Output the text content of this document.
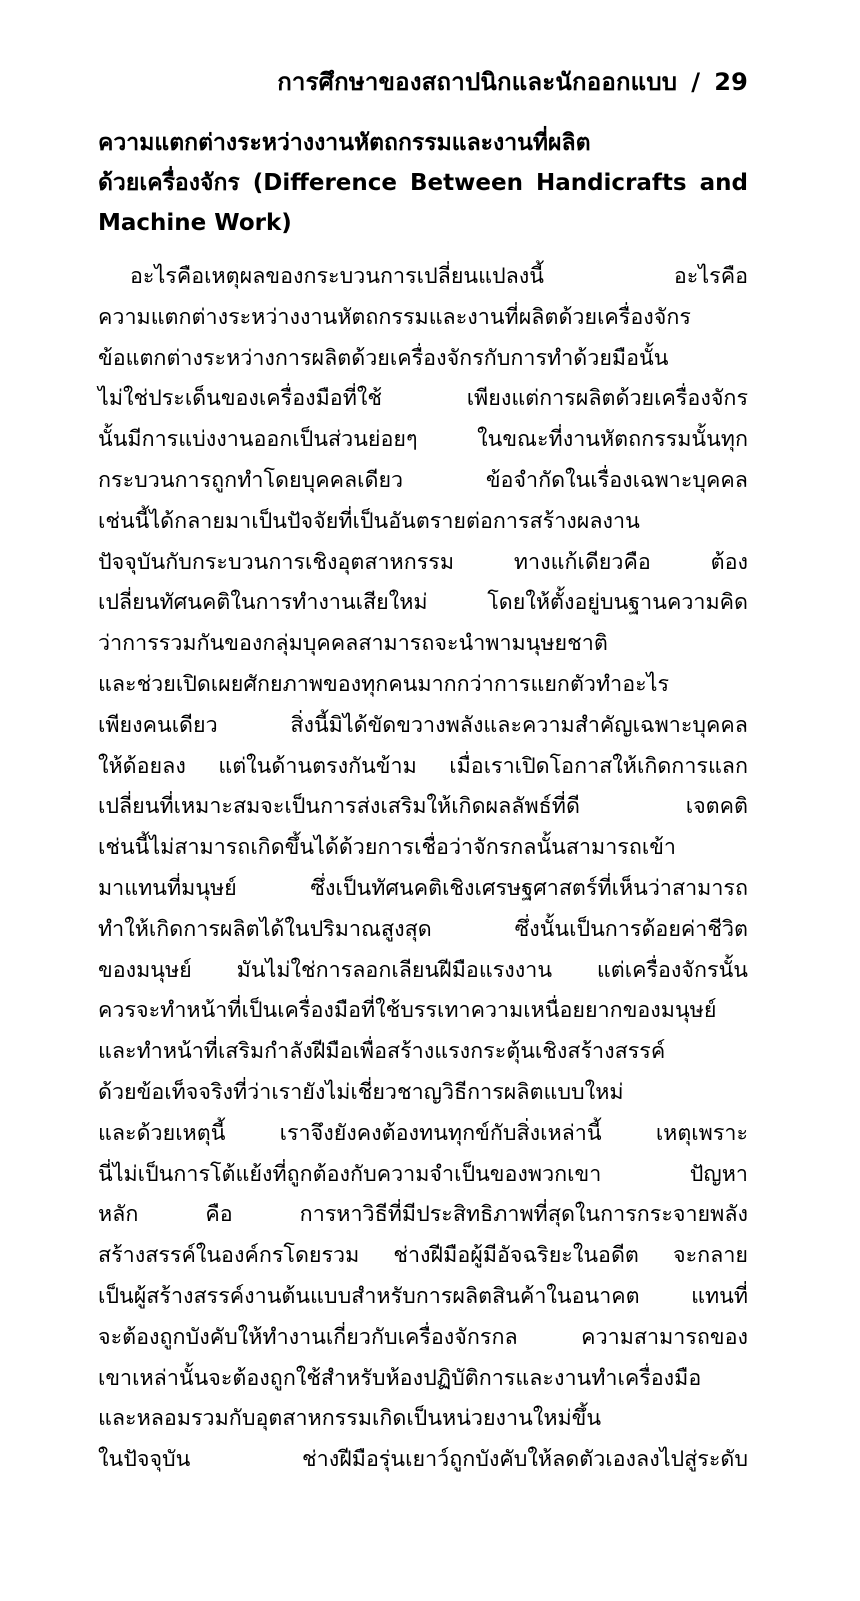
การศึกษาของสถาปนิกและนักออกแบบ / 29
ความแตกต่างระหว่างงานหัตถกรรมและงานที่ผลิต
ด้วยเครื่องจักร (Difference Between Handicrafts and
Machine Work)
อะไรคือเหตุผลของกระบวนการเปลี่ยนแปลงนี้ อะไรคือ
ความแตกต่างระหว่างงานหัตถกรรมและงานที่ผลิตด้วยเครื่องจักร
ข้อแตกต่างระหว่างการผลิตด้วยเครื่องจักรกับการทำด้วยมือนั้น
ไม่ใช่ประเด็นของเครื่องมือที่ใช้ เพียงแต่การผลิตด้วยเครื่องจักร
นั้นมีการแบ่งงานออกเป็นส่วนย่อยๆ ในขณะที่งานหัตถกรรมนั้นทุก
กระบวนการถูกทำโดยบุคคลเดียว ข้อจำกัดในเรื่องเฉพาะบุคคล
เช่นนี้ได้กลายมาเป็นปัจจัยที่เป็นอันตรายต่อการสร้างผลงาน
ปัจจุบันกับกระบวนการเชิงอุตสาหกรรม ทางแก้เดียวคือ ต้อง
เปลี่ยนทัศนคติในการทำงานเสียใหม่ โดยให้ตั้งอยู่บนฐานความคิด
ว่าการรวมกันของกลุ่มบุคคลสามารถจะนำพามนุษยชาติ
และช่วยเปิดเผยศักยภาพของทุกคนมากกว่าการแยกตัวทำอะไร
เพียงคนเดียว สิ่งนี้มิได้ขัดขวางพลังและความสำคัญเฉพาะบุคคล
ให้ด้อยลง แต่ในด้านตรงกันข้าม เมื่อเราเปิดโอกาสให้เกิดการแลก
เปลี่ยนที่เหมาะสมจะเป็นการส่งเสริมให้เกิดผลลัพธ์ที่ดี เจตคติ
เช่นนี้ไม่สามารถเกิดขึ้นได้ด้วยการเชื่อว่าจักรกลนั้นสามารถเข้า
มาแทนที่มนุษย์ ซึ่งเป็นทัศนคติเชิงเศรษฐศาสตร์ที่เห็นว่าสามารถ
ทำให้เกิดการผลิตได้ในปริมาณสูงสุด ซึ่งนั้นเป็นการด้อยค่าชีวิต
ของมนุษย์ มันไม่ใช่การลอกเลียนฝีมือแรงงาน แต่เครื่องจักรนั้น
ควรจะทำหน้าที่เป็นเครื่องมือที่ใช้บรรเทาความเหนื่อยยากของมนุษย์
และทำหน้าที่เสริมกำลังฝีมือเพื่อสร้างแรงกระตุ้นเชิงสร้างสรรค์
ด้วยข้อเท็จจริงที่ว่าเรายังไม่เชี่ยวชาญวิธีการผลิตแบบใหม่
และด้วยเหตุนี้ เราจึงยังคงต้องทนทุกข์กับสิ่งเหล่านี้ เหตุเพราะ
นี่ไม่เป็นการโต้แย้งที่ถูกต้องกับความจำเป็นของพวกเขา ปัญหา
หลัก คือ การหาวิธีที่มีประสิทธิภาพที่สุดในการกระจายพลัง
สร้างสรรค์ในองค์กรโดยรวม ช่างฝีมือผู้มีอัจฉริยะในอดีต จะกลาย
เป็นผู้สร้างสรรค์งานต้นแบบสำหรับการผลิตสินค้าในอนาคต แทนที่
จะต้องถูกบังคับให้ทำงานเกี่ยวกับเครื่องจักรกล ความสามารถของ
เขาเหล่านั้นจะต้องถูกใช้สำหรับห้องปฏิบัติการและงานทำเครื่องมือ
และหลอมรวมกับอุตสาหกรรมเกิดเป็นหน่วยงานใหม่ขึ้น
ในปัจจุบัน ช่างฝีมือรุ่นเยาว์ถูกบังคับให้ลดตัวเองลงไปสู่ระดับ
